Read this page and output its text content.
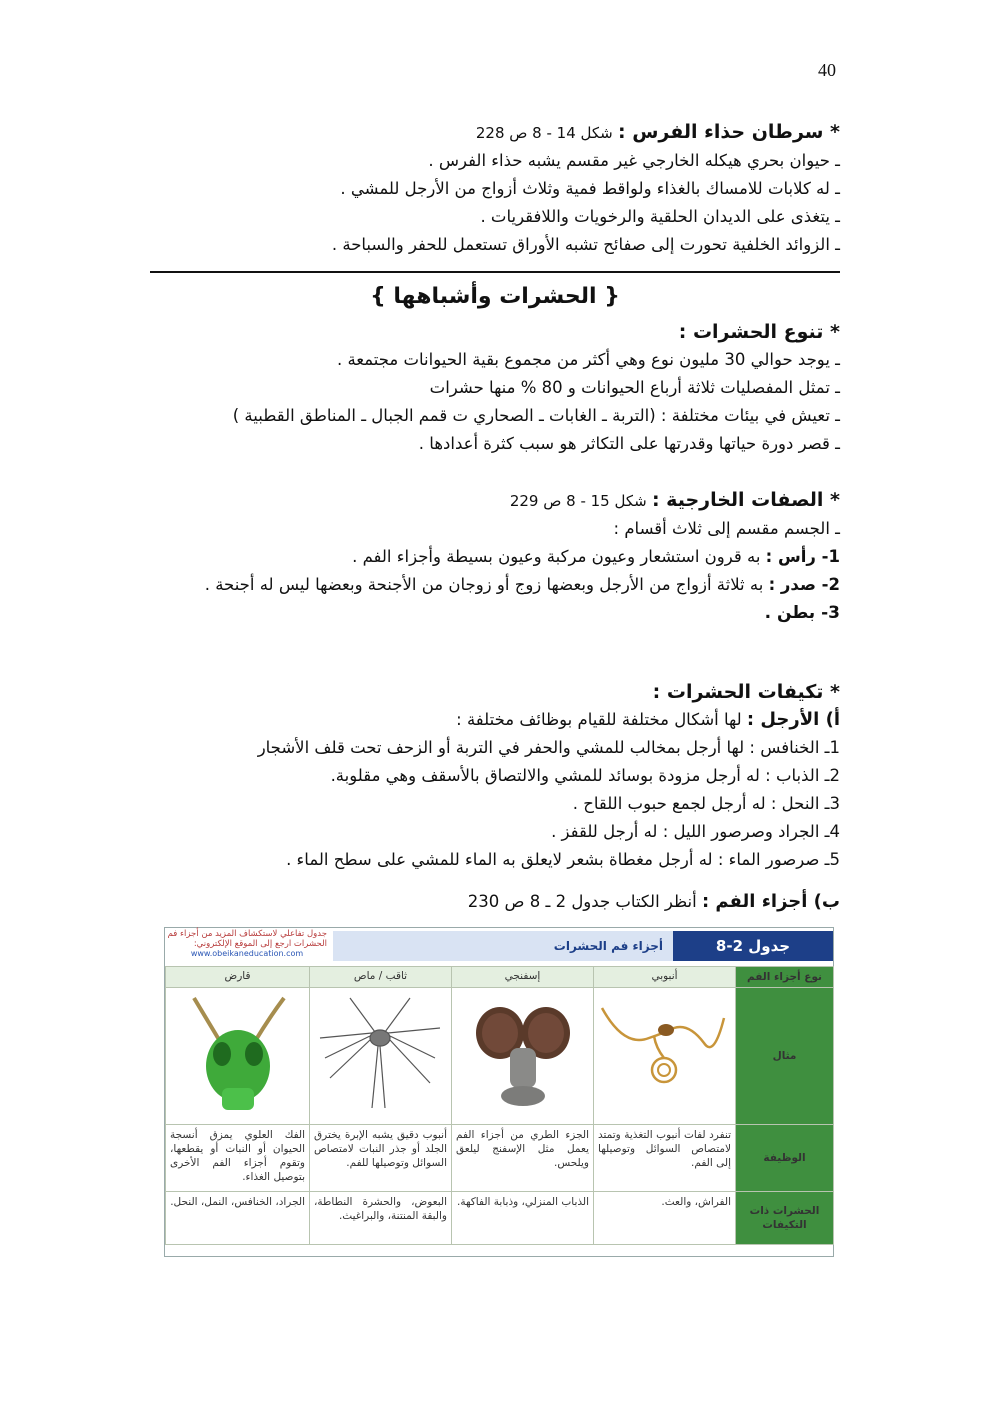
40
* سرطان حذاء الفرس : شكل 14 - 8 ص 228
ـ حيوان بحري هيكله الخارجي غير مقسم يشبه حذاء الفرس .
ـ له كلابات للامساك بالغذاء ولواقط فمية وثلاث أزواج من الأرجل للمشي .
ـ يتغذى على الديدان الحلقية والرخويات واللافقريات .
ـ الزوائد الخلفية تحورت إلى صفائح تشبه الأوراق تستعمل للحفر والسباحة .
{ الحشرات وأشباهها }
* تنوع الحشرات :
ـ يوجد حوالي 30 مليون نوع وهي أكثر من مجموع بقية الحيوانات مجتمعة .
ـ تمثل المفصليات ثلاثة أرباع الحيوانات و 80 % منها حشرات
ـ تعيش في بيئات مختلفة : (التربة ـ الغابات ـ الصحاري ت قمم الجبال ـ المناطق القطبية )
ـ قصر دورة حياتها وقدرتها على التكاثر هو سبب كثرة أعدادها .
* الصفات الخارجية : شكل 15 - 8 ص 229
ـ الجسم مقسم إلى ثلاث أقسام :
1- رأس : به قرون استشعار وعيون مركبة وعيون بسيطة وأجزاء الفم .
2- صدر : به ثلاثة أزواج من الأرجل وبعضها زوج أو زوجان من الأجنحة وبعضها ليس له أجنحة .
3- بطن .
* تكيفات الحشرات :
أ) الأرجل : لها أشكال مختلفة للقيام بوظائف مختلفة :
1ـ الخنافس : لها أرجل بمخالب للمشي والحفر في التربة أو الزحف تحت قلف الأشجار
2ـ الذباب : له أرجل مزودة بوسائد للمشي والالتصاق بالأسقف وهي مقلوبة.
3ـ النحل : له أرجل لجمع حبوب اللقاح .
4ـ الجراد وصرصور الليل : له أرجل للقفز .
5ـ صرصور الماء : له أرجل مغطاة بشعر لايعلق به الماء للمشي على سطح الماء .
ب) أجزاء الفم : أنظر الكتاب جدول 2 ـ 8 ص 230
جدول تفاعلي لاستكشاف المزيد من أجزاء فم الحشرات ارجع إلى الموقع الإلكتروني:
www.obeikaneducation.com
أجزاء فم الحشرات	جدول 2-8
نوع أجزاء الفم	أنبوبي	إسفنجي	ثاقب / ماص	قارض
مثال	

الوظيفة	تنفرد لفات أنبوب التغذية وتمتد لامتصاص السوائل وتوصيلها إلى الفم.	الجزء الطري من أجزاء الفم يعمل مثل الإسفنج ليلعق ويلحس.	أنبوب دقيق يشبه الإبرة يخترق الجلد أو جذر النبات لامتصاص السوائل وتوصيلها للفم.	الفك العلوي يمزق أنسجة الحيوان أو النبات أو يقطعها، وتقوم أجزاء الفم الأخرى بتوصيل الغذاء.
الحشرات ذات التكيفات	الفراش، والعث.	الذباب المنزلي، وذبابة الفاكهة.	البعوض، والحشرة النطاطة، والبقة المنتنة، والبراغيث.	الجراد، الخنافس، النمل، النحل.
